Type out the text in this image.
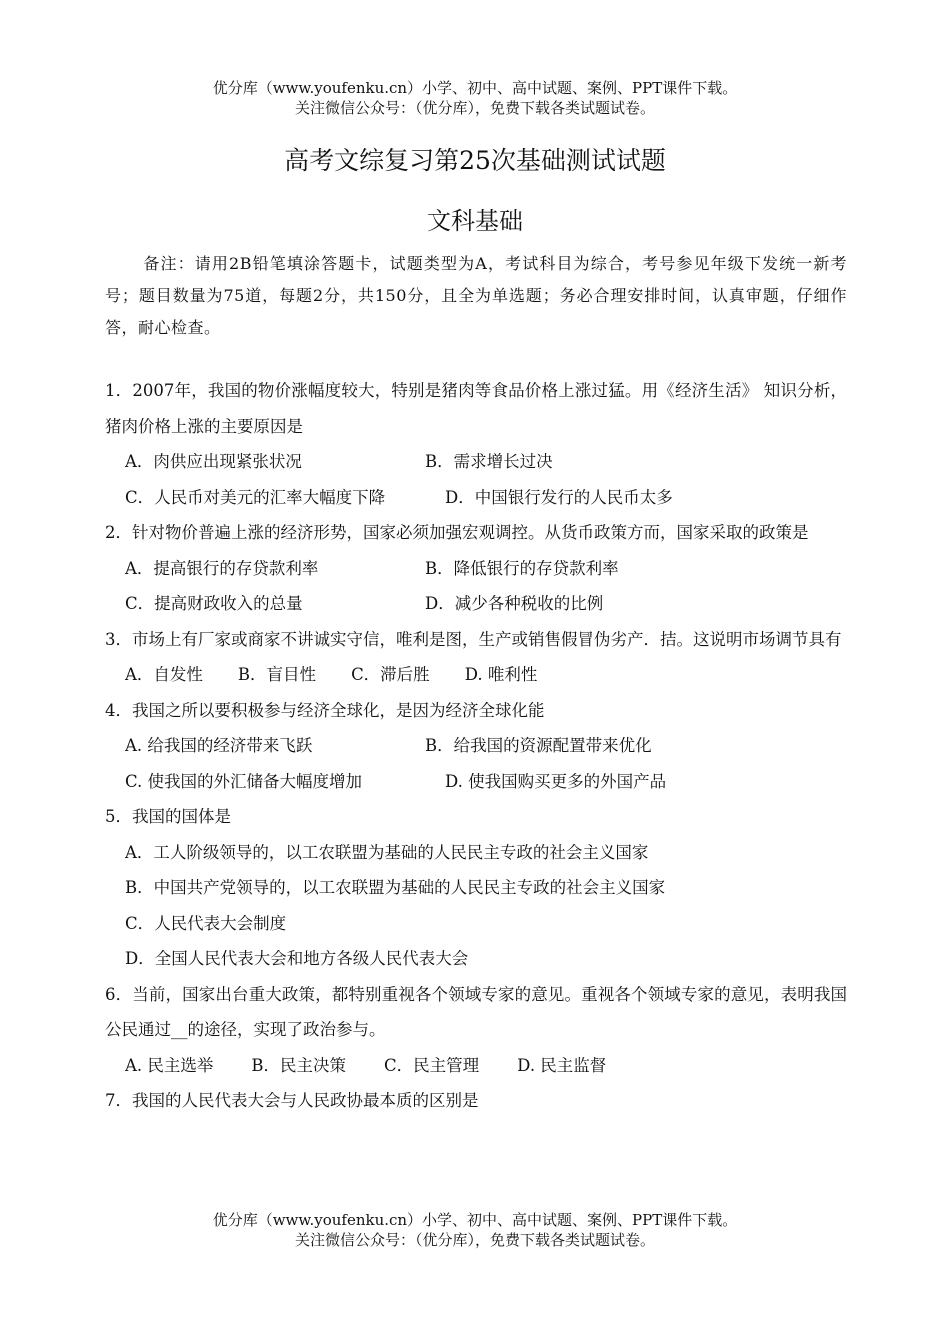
优分库（www.youfenku.cn）小学、初中、高中试题、案例、PPT课件下载。
关注微信公众号：（优分库），免费下载各类试题试卷。
高考文综复习第25次基础测试试题
文科基础
备注：请用2B铅笔填涂答题卡，试题类型为A，考试科目为综合，考号参见年级下发统一新考号；题目数量为75道，每题2分，共150分，且全为单选题；务必合理安排时间，认真审题，仔细作答，耐心检查。

1．2007年，我国的物价涨幅度较大，特别是猪肉等食品价格上涨过猛。用《经济生活》 知识分析，猪肉价格上涨的主要原因是

A．肉供应出现紧张状况	B．需求增长过决
C．人民币对美元的汇率大幅度下降	D．中国银行发行的人民币太多

2．针对物价普遍上涨的经济形势，国家必须加强宏观调控。从货币政策方而，国家采取的政策是

A．提高银行的存贷款利率	B．降低银行的存贷款利率
C．提高财政收入的总量	D．减少各种税收的比例

3．市场上有厂家或商家不讲诚实守信，唯利是图，生产或销售假冒伪劣产．拮。这说明市场调节具有

A．自发性 B．盲目性 C．滞后胜 D. 唯利性

4．我国之所以要积极参与经济全球化，是因为经济全球化能

A. 给我国的经济带来飞跃	B．给我国的资源配置带来优化
C. 使我国的外汇储备大幅度增加	D. 使我国购买更多的外国产品

5．我国的国体是

A．工人阶级领导的，以工农联盟为基础的人民民主专政的社会主义国家
B．中国共产党领导的，以工农联盟为基础的人民民主专政的社会主义国家
C．人民代表大会制度
D．全国人民代表大会和地方各级人民代表大会

6．当前，国家出台重大政策，都特别重视各个领域专家的意见。重视各个领域专家的意见，表明我国公民通过__的途径，实现了政治参与。

A. 民主选举 B．民主决策 C．民主管理 D. 民主监督

7．我国的人民代表大会与人民政协最本质的区别是

优分库（www.youfenku.cn）小学、初中、高中试题、案例、PPT课件下载。
关注微信公众号：（优分库），免费下载各类试题试卷。
